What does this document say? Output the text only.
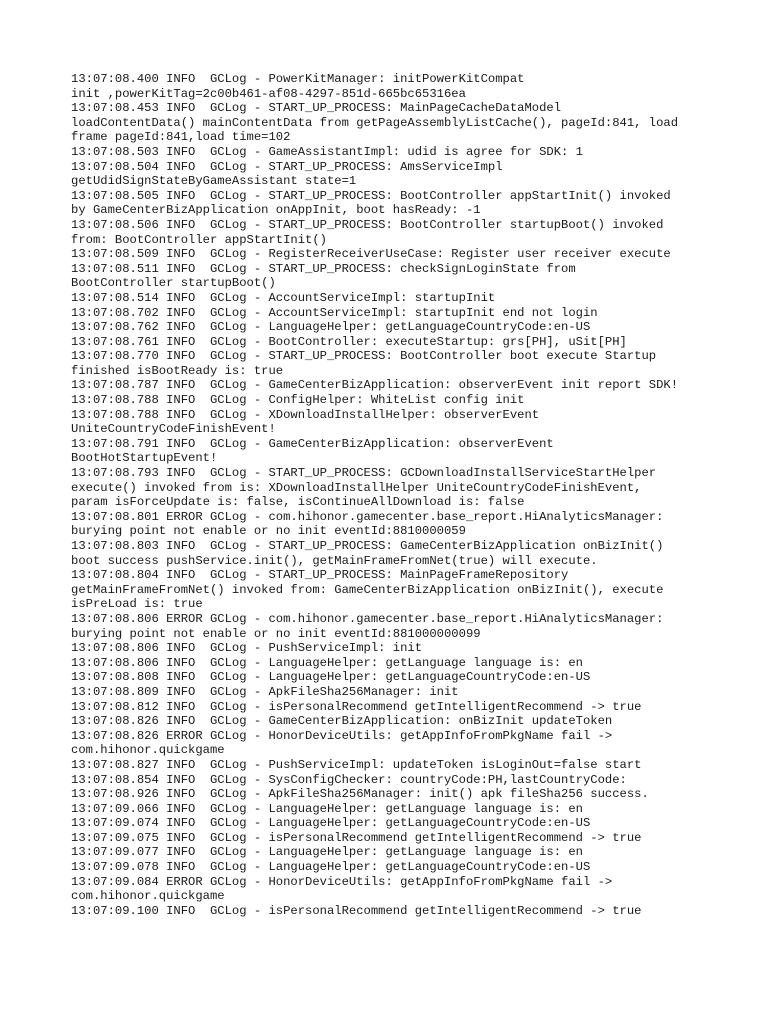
13:07:08.400 INFO  GCLog - PowerKitManager: initPowerKitCompat
init ,powerKitTag=2c00b461-af08-4297-851d-665bc65316ea
13:07:08.453 INFO  GCLog - START_UP_PROCESS: MainPageCacheDataModel
loadContentData() mainContentData from getPageAssemblyListCache(), pageId:841, load
frame pageId:841,load time=102
13:07:08.503 INFO  GCLog - GameAssistantImpl: udid is agree for SDK: 1
13:07:08.504 INFO  GCLog - START_UP_PROCESS: AmsServiceImpl
getUdidSignStateByGameAssistant state=1
13:07:08.505 INFO  GCLog - START_UP_PROCESS: BootController appStartInit() invoked
by GameCenterBizApplication onAppInit, boot hasReady: -1
13:07:08.506 INFO  GCLog - START_UP_PROCESS: BootController startupBoot() invoked
from: BootController appStartInit()
13:07:08.509 INFO  GCLog - RegisterReceiverUseCase: Register user receiver execute
13:07:08.511 INFO  GCLog - START_UP_PROCESS: checkSignLoginState from
BootController startupBoot()
13:07:08.514 INFO  GCLog - AccountServiceImpl: startupInit
13:07:08.702 INFO  GCLog - AccountServiceImpl: startupInit end not login
13:07:08.762 INFO  GCLog - LanguageHelper: getLanguageCountryCode:en-US
13:07:08.761 INFO  GCLog - BootController: executeStartup: grs[PH], uSit[PH]
13:07:08.770 INFO  GCLog - START_UP_PROCESS: BootController boot execute Startup
finished isBootReady is: true
13:07:08.787 INFO  GCLog - GameCenterBizApplication: observerEvent init report SDK!
13:07:08.788 INFO  GCLog - ConfigHelper: WhiteList config init
13:07:08.788 INFO  GCLog - XDownloadInstallHelper: observerEvent
UniteCountryCodeFinishEvent!
13:07:08.791 INFO  GCLog - GameCenterBizApplication: observerEvent
BootHotStartupEvent!
13:07:08.793 INFO  GCLog - START_UP_PROCESS: GCDownloadInstallServiceStartHelper
execute() invoked from is: XDownloadInstallHelper UniteCountryCodeFinishEvent,
param isForceUpdate is: false, isContinueAllDownload is: false
13:07:08.801 ERROR GCLog - com.hihonor.gamecenter.base_report.HiAnalyticsManager:
burying point not enable or no init eventId:8810000059
13:07:08.803 INFO  GCLog - START_UP_PROCESS: GameCenterBizApplication onBizInit()
boot success pushService.init(), getMainFrameFromNet(true) will execute.
13:07:08.804 INFO  GCLog - START_UP_PROCESS: MainPageFrameRepository
getMainFrameFromNet() invoked from: GameCenterBizApplication onBizInit(), execute
isPreLoad is: true
13:07:08.806 ERROR GCLog - com.hihonor.gamecenter.base_report.HiAnalyticsManager:
burying point not enable or no init eventId:881000000099
13:07:08.806 INFO  GCLog - PushServiceImpl: init
13:07:08.806 INFO  GCLog - LanguageHelper: getLanguage language is: en
13:07:08.808 INFO  GCLog - LanguageHelper: getLanguageCountryCode:en-US
13:07:08.809 INFO  GCLog - ApkFileSha256Manager: init
13:07:08.812 INFO  GCLog - isPersonalRecommend getIntelligentRecommend -> true
13:07:08.826 INFO  GCLog - GameCenterBizApplication: onBizInit updateToken
13:07:08.826 ERROR GCLog - HonorDeviceUtils: getAppInfoFromPkgName fail ->
com.hihonor.quickgame
13:07:08.827 INFO  GCLog - PushServiceImpl: updateToken isLoginOut=false start
13:07:08.854 INFO  GCLog - SysConfigChecker: countryCode:PH,lastCountryCode:
13:07:08.926 INFO  GCLog - ApkFileSha256Manager: init() apk fileSha256 success.
13:07:09.066 INFO  GCLog - LanguageHelper: getLanguage language is: en
13:07:09.074 INFO  GCLog - LanguageHelper: getLanguageCountryCode:en-US
13:07:09.075 INFO  GCLog - isPersonalRecommend getIntelligentRecommend -> true
13:07:09.077 INFO  GCLog - LanguageHelper: getLanguage language is: en
13:07:09.078 INFO  GCLog - LanguageHelper: getLanguageCountryCode:en-US
13:07:09.084 ERROR GCLog - HonorDeviceUtils: getAppInfoFromPkgName fail ->
com.hihonor.quickgame
13:07:09.100 INFO  GCLog - isPersonalRecommend getIntelligentRecommend -> true
